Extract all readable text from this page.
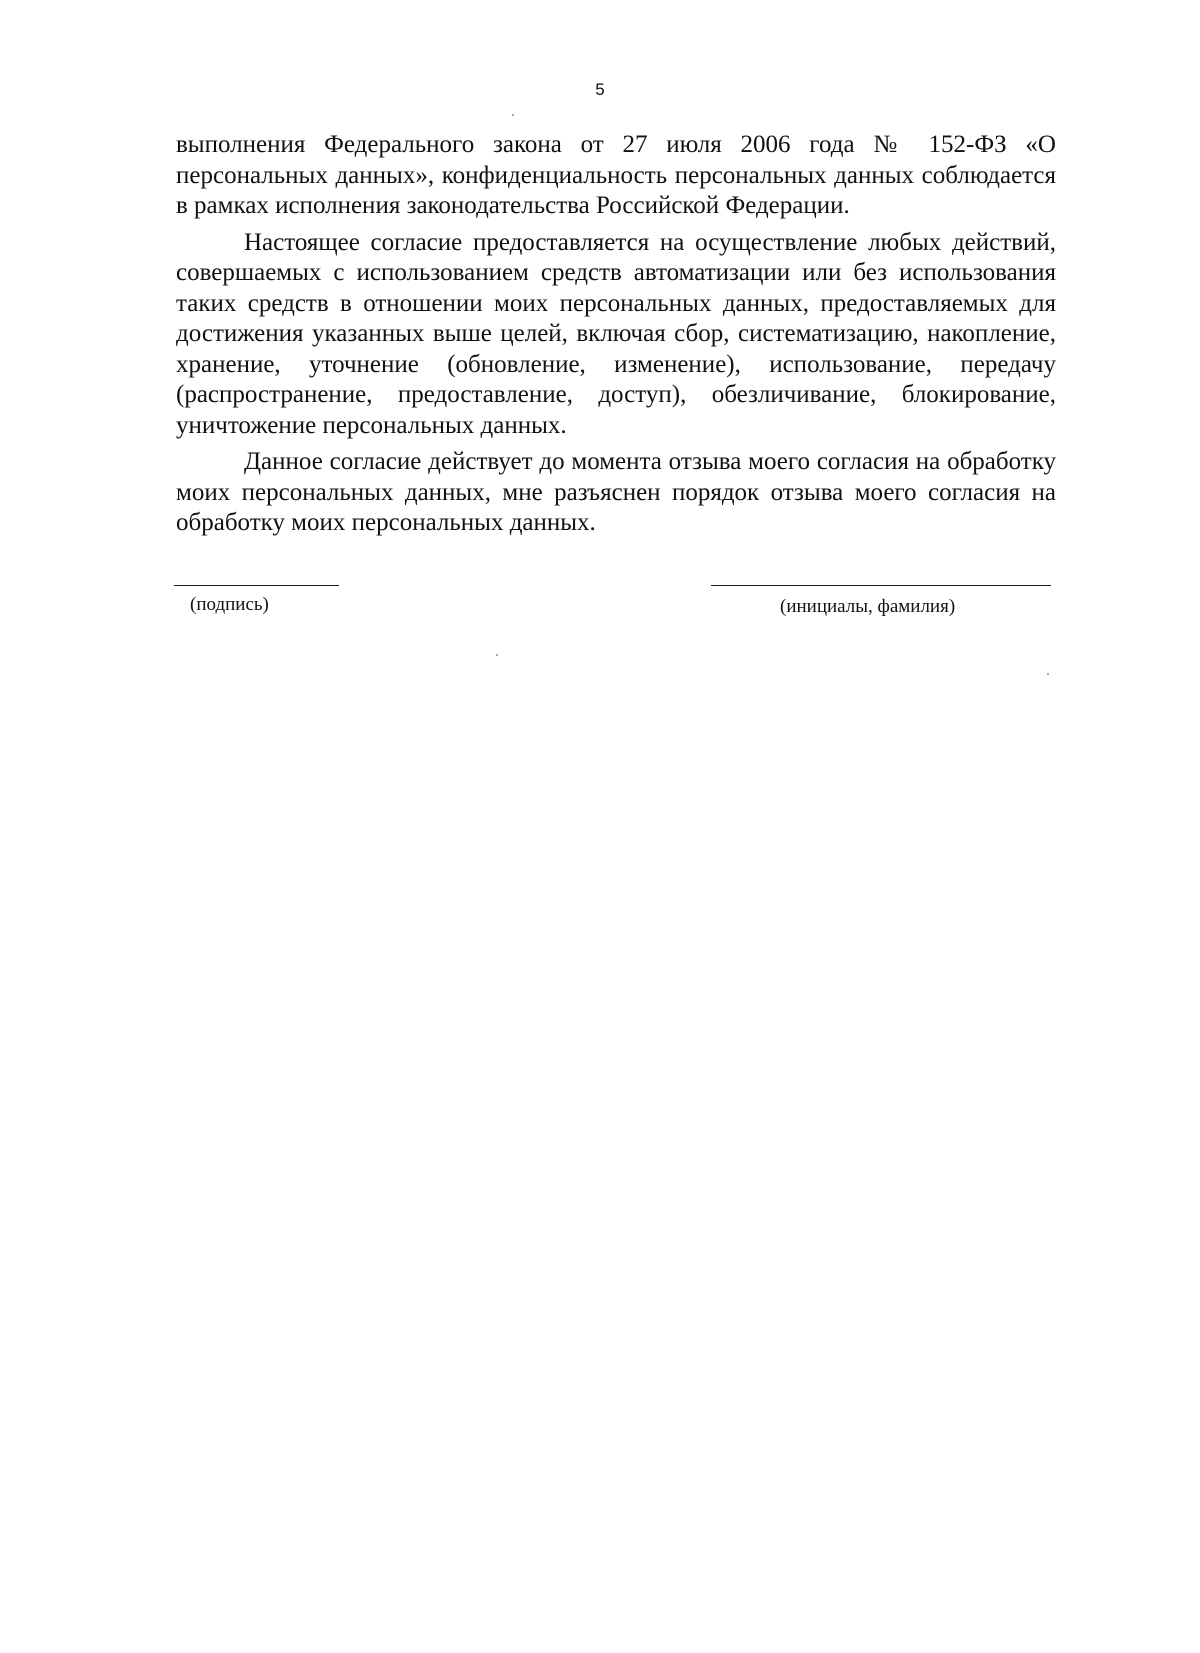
5

выполнения Федерального закона от 27 июля 2006 года № 152-ФЗ «О персональных данных», конфиденциальность персональных данных соблюдается в рамках исполнения законодательства Российской Федерации.

Настоящее согласие предоставляется на осуществление любых действий, совершаемых с использованием средств автоматизации или без использования таких средств в отношении моих персональных данных, предоставляемых для достижения указанных выше целей, включая сбор, систематизацию, накопление, хранение, уточнение (обновление, изменение), использование, передачу (распространение, предоставление, доступ), обезличивание, блокирование, уничтожение персональных данных.

Данное согласие действует до момента отзыва моего согласия на обработку моих персональных данных, мне разъяснен порядок отзыва моего согласия на обработку моих персональных данных.

(подпись)	(инициалы, фамилия)
